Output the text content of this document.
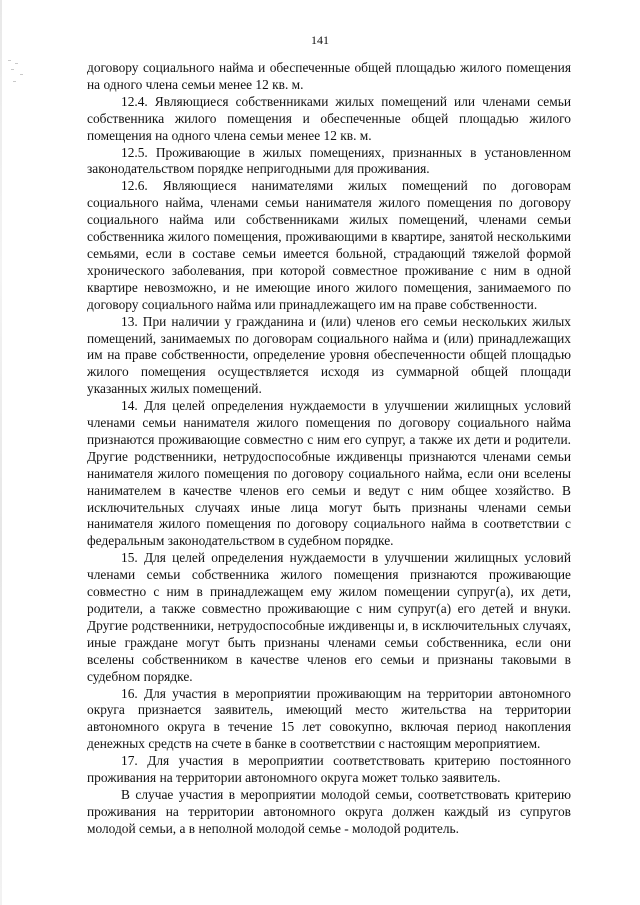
141

договору социального найма и обеспеченные общей площадью жилого помещения на одного члена семьи менее 12 кв. м.

12.4. Являющиеся собственниками жилых помещений или членами семьи собственника жилого помещения и обеспеченные общей площадью жилого помещения на одного члена семьи менее 12 кв. м.

12.5. Проживающие в жилых помещениях, признанных в установленном законодательством порядке непригодными для проживания.

12.6. Являющиеся нанимателями жилых помещений по договорам социального найма, членами семьи нанимателя жилого помещения по договору социального найма или собственниками жилых помещений, членами семьи собственника жилого помещения, проживающими в квартире, занятой несколькими семьями, если в составе семьи имеется больной, страдающий тяжелой формой хронического заболевания, при которой совместное проживание с ним в одной квартире невозможно, и не имеющие иного жилого помещения, занимаемого по договору социального найма или принадлежащего им на праве собственности.

13. При наличии у гражданина и (или) членов его семьи нескольких жилых помещений, занимаемых по договорам социального найма и (или) принадлежащих им на праве собственности, определение уровня обеспеченности общей площадью жилого помещения осуществляется исходя из суммарной общей площади указанных жилых помещений.

14. Для целей определения нуждаемости в улучшении жилищных условий членами семьи нанимателя жилого помещения по договору социального найма признаются проживающие совместно с ним его супруг, а также их дети и родители. Другие родственники, нетрудоспособные иждивенцы признаются членами семьи нанимателя жилого помещения по договору социального найма, если они вселены нанимателем в качестве членов его семьи и ведут с ним общее хозяйство. В исключительных случаях иные лица могут быть признаны членами семьи нанимателя жилого помещения по договору социального найма в соответствии с федеральным законодательством в судебном порядке.

15. Для целей определения нуждаемости в улучшении жилищных условий членами семьи собственника жилого помещения признаются проживающие совместно с ним в принадлежащем ему жилом помещении супруг(а), их дети, родители, а также совместно проживающие с ним супруг(а) его детей и внуки. Другие родственники, нетрудоспособные иждивенцы и, в исключительных случаях, иные граждане могут быть признаны членами семьи собственника, если они вселены собственником в качестве членов его семьи и признаны таковыми в судебном порядке.

16. Для участия в мероприятии проживающим на территории автономного округа признается заявитель, имеющий место жительства на территории автономного округа в течение 15 лет совокупно, включая период накопления денежных средств на счете в банке в соответствии с настоящим мероприятием.

17. Для участия в мероприятии соответствовать критерию постоянного проживания на территории автономного округа может только заявитель.

В случае участия в мероприятии молодой семьи, соответствовать критерию проживания на территории автономного округа должен каждый из супругов молодой семьи, а в неполной молодой семье - молодой родитель.
